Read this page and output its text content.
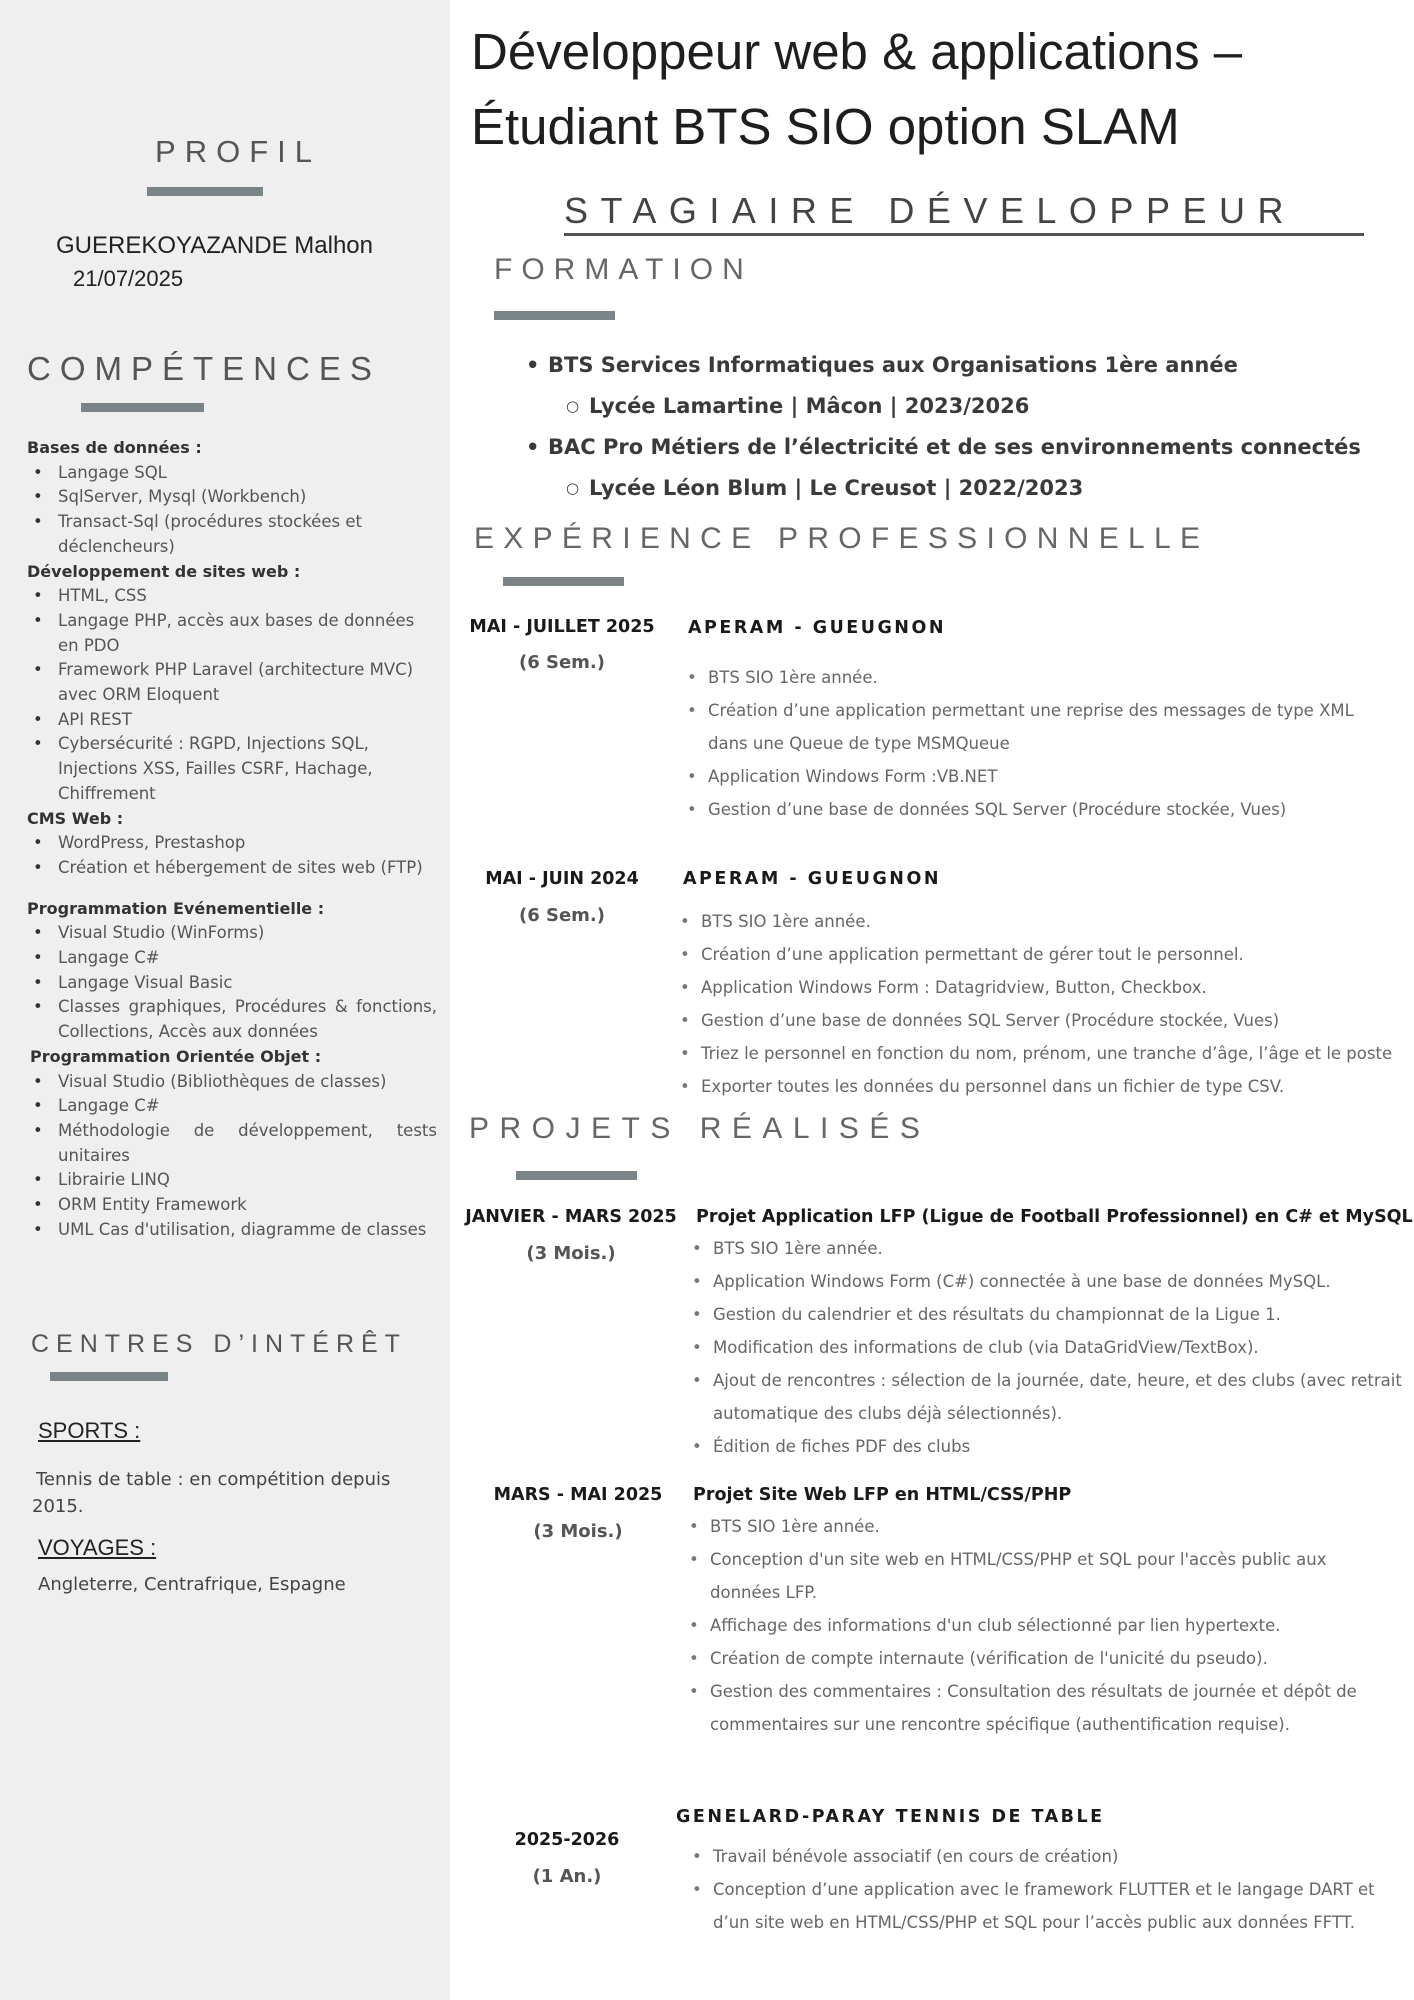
PROFIL
GUEREKOYAZANDE Malhon
21/07/2025
COMPÉTENCES
Bases de données :
• Langage SQL
• SqlServer, Mysql (Workbench)
• Transact-Sql (procédures stockées et déclencheurs)
Développement de sites web :
• HTML, CSS
• Langage PHP, accès aux bases de données en PDO
• Framework PHP Laravel (architecture MVC) avec ORM Eloquent
• API REST
• Cybersécurité : RGPD, Injections SQL, Injections XSS, Failles CSRF, Hachage, Chiffrement
CMS Web :
• WordPress, Prestashop
• Création et hébergement de sites web (FTP)
Programmation Evénementielle :
• Visual Studio (WinForms)
• Langage C#
• Langage Visual Basic
• Classes graphiques, Procédures & fonctions, Collections, Accès aux données
Programmation Orientée Objet :
• Visual Studio (Bibliothèques de classes)
• Langage C#
• Méthodologie de développement, tests unitaires
• Librairie LINQ
• ORM Entity Framework
• UML Cas d'utilisation, diagramme de classes
CENTRES D’INTÉRÊT
SPORTS :
Tennis de table : en compétition depuis 2015.
VOYAGES :
Angleterre, Centrafrique, Espagne
Développeur web & applications –
Étudiant BTS SIO option SLAM
STAGIAIRE DÉVELOPPEUR
FORMATION
• BTS Services Informatiques aux Organisations 1ère année
○ Lycée Lamartine | Mâcon | 2023/2026
• BAC Pro Métiers de l’électricité et de ses environnements connectés
○ Lycée Léon Blum | Le Creusot | 2022/2023
EXPÉRIENCE PROFESSIONNELLE
MAI - JUILLET 2025
(6 Sem.)
APERAM - GUEUGNON
• BTS SIO 1ère année.
• Création d’une application permettant une reprise des messages de type XML dans une Queue de type MSMQueue
• Application Windows Form :VB.NET
• Gestion d’une base de données SQL Server (Procédure stockée, Vues)
MAI - JUIN 2024
(6 Sem.)
APERAM - GUEUGNON
• BTS SIO 1ère année.
• Création d’une application permettant de gérer tout le personnel.
• Application Windows Form : Datagridview, Button, Checkbox.
• Gestion d’une base de données SQL Server (Procédure stockée, Vues)
• Triez le personnel en fonction du nom, prénom, une tranche d’âge, l’âge et le poste
• Exporter toutes les données du personnel dans un fichier de type CSV.
PROJETS RÉALISÉS
JANVIER - MARS 2025
(3 Mois.)
Projet Application LFP (Ligue de Football Professionnel) en C# et MySQL
• BTS SIO 1ère année.
• Application Windows Form (C#) connectée à une base de données MySQL.
• Gestion du calendrier et des résultats du championnat de la Ligue 1.
• Modification des informations de club (via DataGridView/TextBox).
• Ajout de rencontres : sélection de la journée, date, heure, et des clubs (avec retrait automatique des clubs déjà sélectionnés).
• Édition de fiches PDF des clubs
MARS - MAI 2025
(3 Mois.)
Projet Site Web LFP en HTML/CSS/PHP
• BTS SIO 1ère année.
• Conception d'un site web en HTML/CSS/PHP et SQL pour l'accès public aux données LFP.
• Affichage des informations d'un club sélectionné par lien hypertexte.
• Création de compte internaute (vérification de l'unicité du pseudo).
• Gestion des commentaires : Consultation des résultats de journée et dépôt de commentaires sur une rencontre spécifique (authentification requise).
GENELARD-PARAY TENNIS DE TABLE
2025-2026
(1 An.)
• Travail bénévole associatif (en cours de création)
• Conception d’une application avec le framework FLUTTER et le langage DART et d’un site web en HTML/CSS/PHP et SQL pour l’accès public aux données FFTT.
